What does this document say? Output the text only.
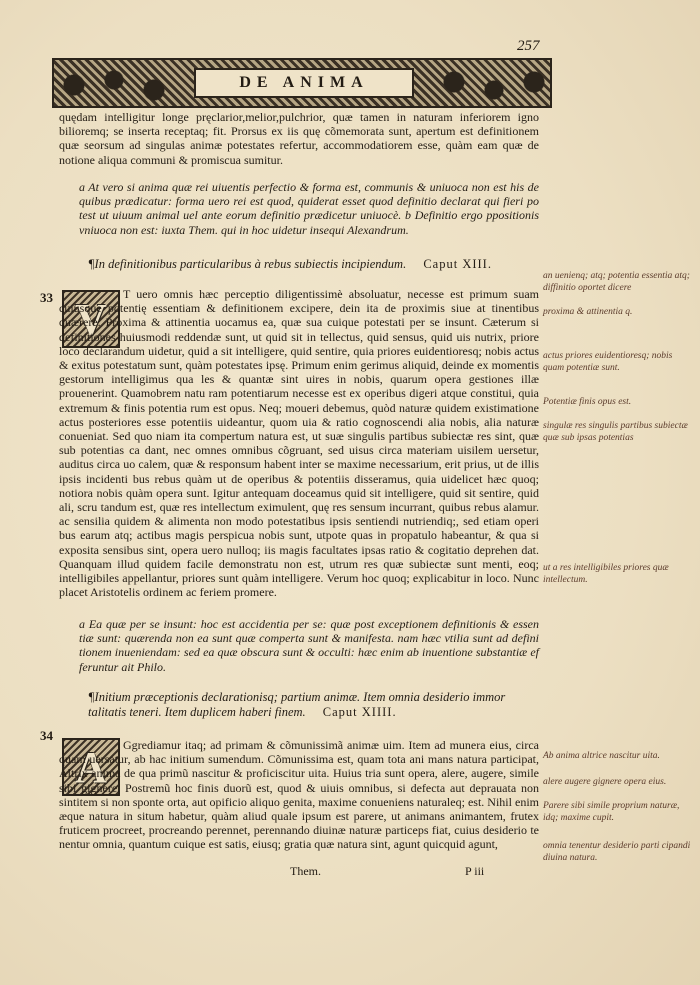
257
DE ANIMA

quędam intelligitur longe pręclarior,melior,pulchrior, quæ tamen in naturam inferiorem igno bilioremq; se inserta receptaq; fit. Prorsus ex iis quę cõmemorata sunt, apertum est definitionem quæ seorsum ad singulas animæ potestates refertur, accommodatiorem esse, quàm eam quæ de notione aliqua communi & promiscua sumitur.

a At vero si anima quæ rei uiuentis perfectio & forma est, communis & uniuoca non est his de quibus prædicatur: forma uero rei est quod, quiderat esset quod definitio declarat qui fieri po test ut uiuum animal uel ante eorum definitio prædicetur uniuocè. b Definitio ergo ppositionis vniuoca non est: iuxta Them. qui in hoc uidetur insequi Alexandrum.

¶In definitionibus particularibus à rebus subiectis incipiendum. Caput XIII.
33 V

T uero omnis hæc perceptio diligentissimè absoluatur, necesse est primum suam cuiusque potentię essentiam & definitionem excipere, dein ita de proximis siue at tinentibus quærere. Proxima & attinentia uocamus ea, quæ sua cuique potestati per se insunt. Cæterum si definitiones huiusmodi reddendæ sunt, ut quid sit in tellectus, quid sensus, quid uis nutrix, priore loco declarandum uidetur, quid a sit intelligere, quid sentire, quia priores euidentioresq; nobis actus & exitus potestatum sunt, quàm potestates ipsę. Primum enim gerimus aliquid, deinde ex momentis gestorum intelligimus qua les & quantæ sint uires in nobis, quarum opera gestiones illæ prouenerint. Quamobrem natu ram potentiarum necesse est ex operibus digeri atque constitui, quia extremum & finis potentia rum est opus. Neq; moueri debemus, quòd naturæ quidem existimatione actus posteriores esse potentiis uideantur, quom uia & ratio cognoscendi alia nobis, alia naturæ conueniat. Sed quo niam ita compertum natura est, ut suæ singulis partibus subiectæ res sint, quæ sub potentias ca dant, nec omnes omnibus cõgruant, sed uisus circa materiam uisilem uersetur, auditus circa uo calem, quæ & responsum habent inter se maxime necessarium, erit prius, ut de illis ipsis incidenti bus rebus quàm ut de operibus & potentiis disseramus, quia uidelicet hæc quoq; notiora nobis quàm opera sunt. Igitur antequam doceamus quid sit intelligere, quid sit sentire, quid ali, scru tandum est, quæ res intellectum eximulent, quę res sensum incurrant, quibus rebus alamur. ac sensilia quidem & alimenta non modo potestatibus ipsis sentiendi nutriendiq;, sed etiam operi bus earum atq; actibus magis perspicua nobis sunt, utpote quas in propatulo habeantur, & qua si exposita sensibus sint, opera uero nulloq; iis magis facultates ipsas ratio & cogitatio deprehen dat. Quanquam illud quidem facile demonstratu non est, utrum res quæ subiectæ sunt menti, eoq; intelligibiles appellantur, priores sunt quàm intelligere. Verum hoc quoq; explicabitur in loco. Nunc placet Aristotelis ordinem ac feriem promere.

a Ea quæ per se insunt: hoc est accidentia per se: quæ post exceptionem definitionis & essen tiæ sunt: quærenda non ea sunt quæ comperta sunt & manifesta. nam hæc vtilia sunt ad defini tionem inueniendam: sed ea quæ obscura sunt & occulti: hæc enim ab inuentione substantiæ ef feruntur ait Philo.

¶Initium præceptionis declarationisq; partium animæ. Item omnia desiderio immor talitatis teneri. Item duplicem haberi finem. Caput XIIII.
34
A	Ggrediamur itaq; ad primam & cõmunissimã animæ uim. Item ad munera eius, circa quam uersatur, ab hac initium sumendum. Cõmunissima est, quam tota ani mans natura participat, Altrix anima de qua primũ nascitur & proficiscitur uita. Huius tria sunt opera, alere, augere, simile sibi gignere. Postremũ hoc finis duorũ est, quod & uiuis omnibus, si defecta aut deprauata non sintitem si non sponte orta, aut opificio aliquo genita, maxime conueniens naturaleq; est. Nihil enim æque natura in situm habetur, quàm aliud quale ipsum est parere, ut animans animantem, frutex fruticem procreet, procreando perennet, perennando diuinæ naturæ particeps fiat, cuius desiderio te nentur omnia, quantum cuique est satis, eiusq; gratia quæ natura sint, agunt quicquid agunt,

Them.	P iii
an uenienq; atq; potentia essentia atq; diffinitio oportet dicere
proxima & attinentia q.
actus priores euidentioresq; nobis quam potentiæ sunt.
Potentiæ finis opus est.
singulæ res singulis partibus subiectæ quæ sub ipsas potentias
ut a res intelligibiles priores quæ intellectum.
Ab anima altrice nascitur uita.
alere augere gignere opera eius.
Parere sibi simile proprium naturæ, idq; maxime cupit.
omnia tenentur desiderio parti cipandi diuina natura.
